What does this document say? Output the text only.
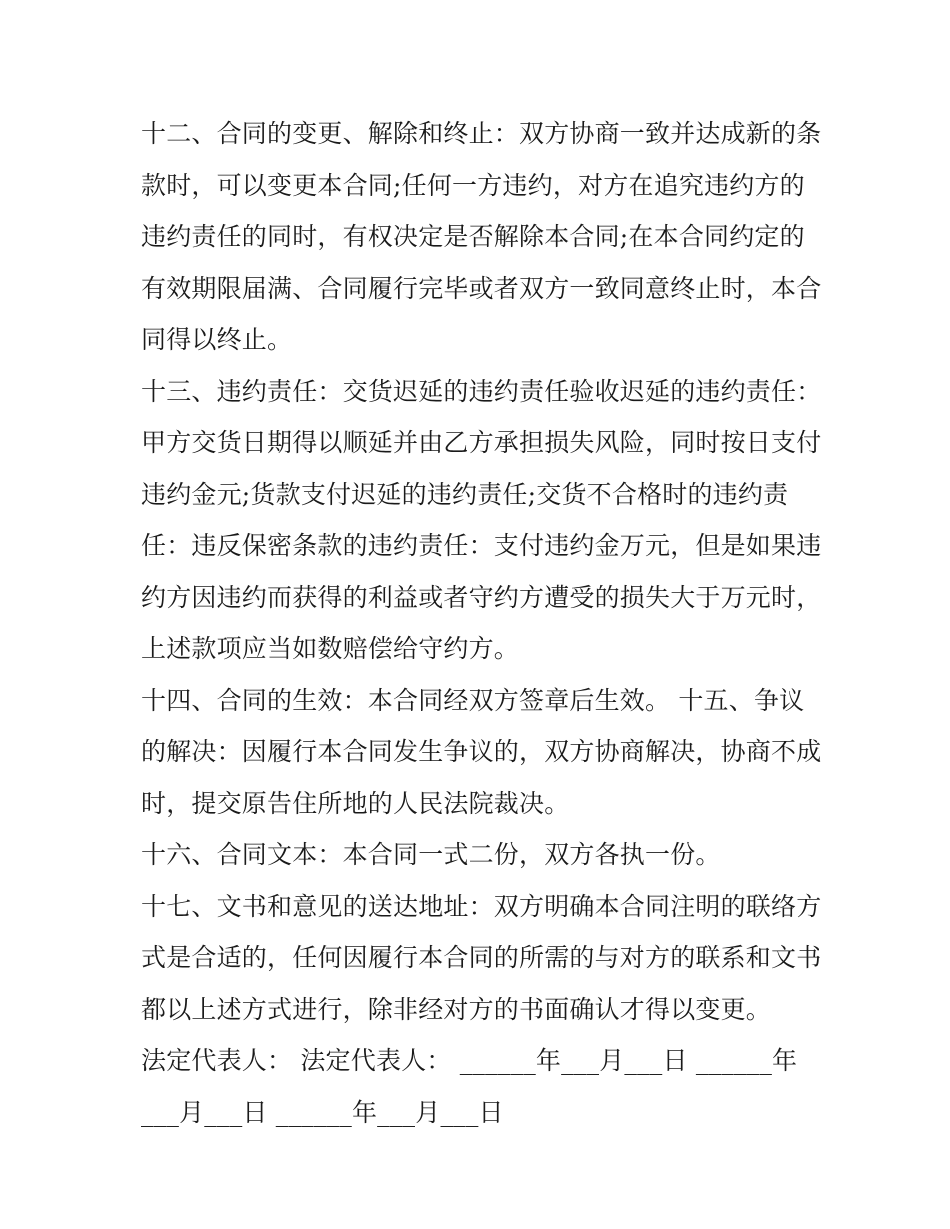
十二、合同的变更、解除和终止：双方协商一致并达成新的条
款时，可以变更本合同;任何一方违约，对方在追究违约方的
违约责任的同时，有权决定是否解除本合同;在本合同约定的
有效期限届满、合同履行完毕或者双方一致同意终止时，本合
同得以终止。
十三、违约责任：交货迟延的违约责任验收迟延的违约责任：
甲方交货日期得以顺延并由乙方承担损失风险，同时按日支付
违约金元;货款支付迟延的违约责任;交货不合格时的违约责
任：违反保密条款的违约责任：支付违约金万元，但是如果违
约方因违约而获得的利益或者守约方遭受的损失大于万元时，
上述款项应当如数赔偿给守约方。
十四、合同的生效：本合同经双方签章后生效。 十五、争议
的解决：因履行本合同发生争议的，双方协商解决，协商不成
时，提交原告住所地的人民法院裁决。
十六、合同文本：本合同一式二份，双方各执一份。
十七、文书和意见的送达地址：双方明确本合同注明的联络方
式是合适的，任何因履行本合同的所需的与对方的联系和文书
都以上述方式进行，除非经对方的书面确认才得以变更。
法定代表人： 法定代表人： ______年___月___日 ______年
___月___日 ______年___月___日
